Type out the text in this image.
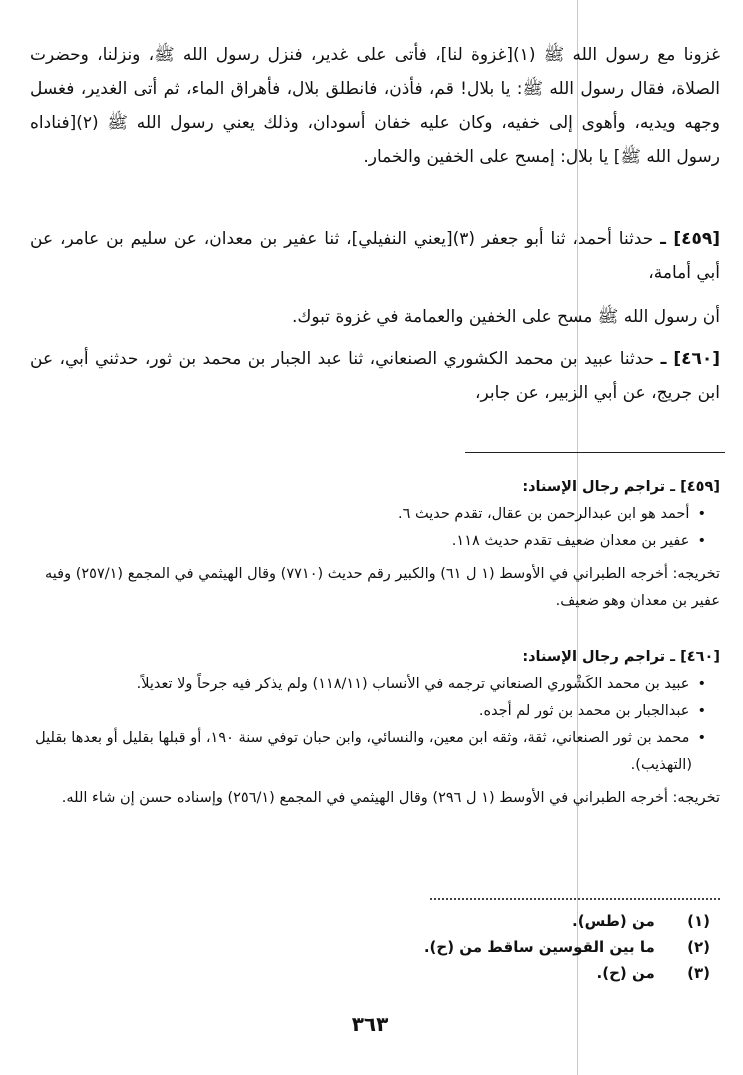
غزونا مع رسول الله ﷺ (١)[غزوة لنا]، فأتى على غدير، فنزل رسول الله ﷺ، ونزلنا، وحضرت الصلاة، فقال رسول الله ﷺ: يا بلال! قم، فأذن، فانطلق بلال، فأهراق الماء، ثم أتى الغدير، فغسل وجهه ويديه، وأهوى إلى خفيه، وكان عليه خفان أسودان، وذلك يعني رسول الله ﷺ (٢)[فناداه رسول الله ﷺ] يا بلال: إمسح على الخفين والخمار.

[٤٥٩] ـ حدثنا أحمد، ثنا أبو جعفر (٣)[يعني النفيلي]، ثنا عفير بن معدان، عن سليم بن عامر، عن أبي أمامة،

أن رسول الله ﷺ مسح على الخفين والعمامة في غزوة تبوك.

[٤٦٠] ـ حدثنا عبيد بن محمد الكشوري الصنعاني، ثنا عبد الجبار بن محمد بن ثور، حدثني أبي، عن ابن جريج، عن أبي الزبير، عن جابر،

[٤٥٩] ـ تراجم رجال الإسناد:
• أحمد هو ابن عبدالرحمن بن عقال، تقدم حديث ٦.
• عفير بن معدان ضعيف تقدم حديث ١١٨.
تخريجه: أخرجه الطبراني في الأوسط (١ ل ٦١) والكبير رقم حديث (٧٧١٠) وقال الهيثمي في المجمع (٢٥٧/١) وفيه عفير بن معدان وهو ضعيف.
[٤٦٠] ـ تراجم رجال الإسناد:
• عبيد بن محمد الكَشْوري الصنعاني ترجمه في الأنساب (١١٨/١١) ولم يذكر فيه جرحاً ولا تعديلاً.
• عبدالجبار بن محمد بن ثور لم أجده.
• محمد بن ثور الصنعاني، ثقة، وثقه ابن معين، والنسائي، وابن حبان توفي سنة ١٩٠، أو قبلها بقليل أو بعدها بقليل (التهذيب).
تخريجه: أخرجه الطبراني في الأوسط (١ ل ٢٩٦) وقال الهيثمي في المجمع (٢٥٦/١) وإسناده حسن إن شاء الله.
(١) من (طس).
(٢) ما بين القوسين ساقط من (ح).
(٣) من (ح).
٣٦٣
